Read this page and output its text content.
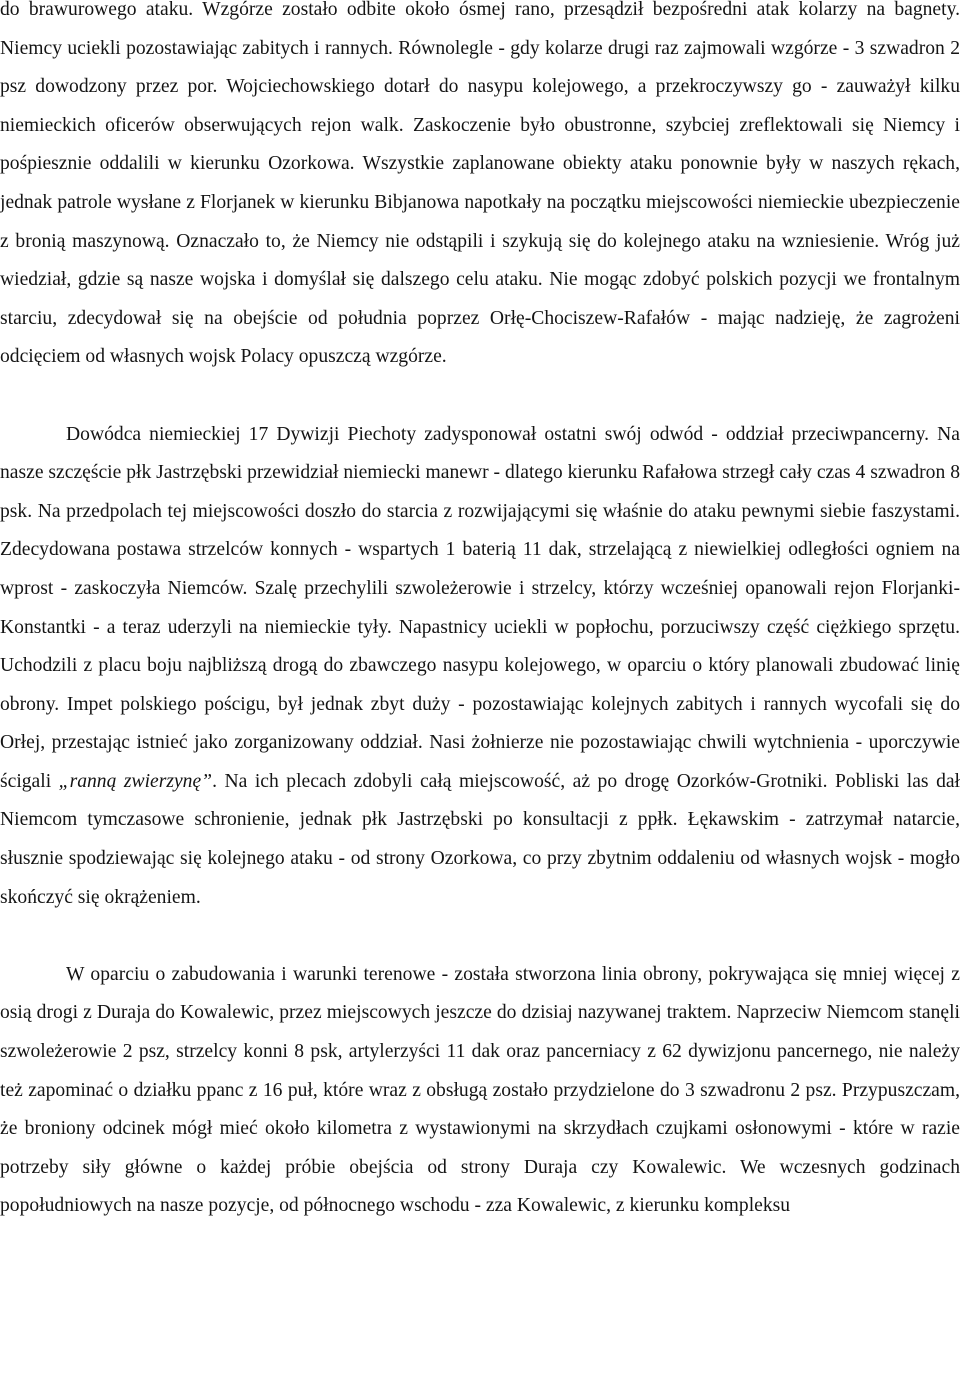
do brawurowego ataku. Wzgórze zostało odbite około ósmej rano, przesądził bezpośredni atak kolarzy na bagnety. Niemcy uciekli pozostawiając zabitych i rannych. Równolegle - gdy kolarze drugi raz zajmowali wzgórze - 3 szwadron 2 psz dowodzony przez por. Wojciechowskiego dotarł do nasypu kolejowego, a przekroczywszy go - zauważył kilku niemieckich oficerów obserwujących rejon walk. Zaskoczenie było obustronne, szybciej zreflektowali się Niemcy i pośpiesznie oddalili w kierunku Ozorkowa. Wszystkie zaplanowane obiekty ataku ponownie były w naszych rękach, jednak patrole wysłane z Florjanek w kierunku Bibjanowa napotkały na początku miejscowości niemieckie ubezpieczenie z bronią maszynową. Oznaczało to, że Niemcy nie odstąpili i szykują się do kolejnego ataku na wzniesienie. Wróg już wiedział, gdzie są nasze wojska i domyślał się dalszego celu ataku. Nie mogąc zdobyć polskich pozycji we frontalnym starciu, zdecydował się na obejście od południa poprzez Orłę-Chociszew-Rafałów - mając nadzieję, że zagrożeni odcięciem od własnych wojsk Polacy opuszczą wzgórze.

Dowódca niemieckiej 17 Dywizji Piechoty zadysponował ostatni swój odwód - oddział przeciwpancerny. Na nasze szczęście płk Jastrzębski przewidział niemiecki manewr - dlatego kierunku Rafałowa strzegł cały czas 4 szwadron 8 psk. Na przedpolach tej miejscowości doszło do starcia z rozwijającymi się właśnie do ataku pewnymi siebie faszystami. Zdecydowana postawa strzelców konnych - wspartych 1 baterią 11 dak, strzelającą z niewielkiej odległości ogniem na wprost - zaskoczyła Niemców. Szalę przechylili szwoleżerowie i strzelcy, którzy wcześniej opanowali rejon Florjanki-Konstantki - a teraz uderzyli na niemieckie tyły. Napastnicy uciekli w popłochu, porzuciwszy część ciężkiego sprzętu. Uchodzili z placu boju najbliższą drogą do zbawczego nasypu kolejowego, w oparciu o który planowali zbudować linię obrony. Impet polskiego pościgu, był jednak zbyt duży - pozostawiając kolejnych zabitych i rannych wycofali się do Orłej, przestając istnieć jako zorganizowany oddział. Nasi żołnierze nie pozostawiając chwili wytchnienia - uporczywie ścigali „ranną zwierzynę”. Na ich plecach zdobyli całą miejscowość, aż po drogę Ozorków-Grotniki. Pobliski las dał Niemcom tymczasowe schronienie, jednak płk Jastrzębski po konsultacji z ppłk. Łękawskim - zatrzymał natarcie, słusznie spodziewając się kolejnego ataku - od strony Ozorkowa, co przy zbytnim oddaleniu od własnych wojsk - mogło skończyć się okrążeniem.

W oparciu o zabudowania i warunki terenowe - została stworzona linia obrony, pokrywająca się mniej więcej z osią drogi z Duraja do Kowalewic, przez miejscowych jeszcze do dzisiaj nazywanej traktem. Naprzeciw Niemcom stanęli szwoleżerowie 2 psz, strzelcy konni 8 psk, artylerzyści 11 dak oraz pancerniacy z 62 dywizjonu pancernego, nie należy też zapominać o działku ppanc z 16 puł, które wraz z obsługą zostało przydzielone do 3 szwadronu 2 psz. Przypuszczam, że broniony odcinek mógł mieć około kilometra z wystawionymi na skrzydłach czujkami osłonowymi - które w razie potrzeby siły główne o każdej próbie obejścia od strony Duraja czy Kowalewic. We wczesnych godzinach popołudniowych na nasze pozycje, od północnego wschodu - zza Kowalewic, z kierunku kompleksu
